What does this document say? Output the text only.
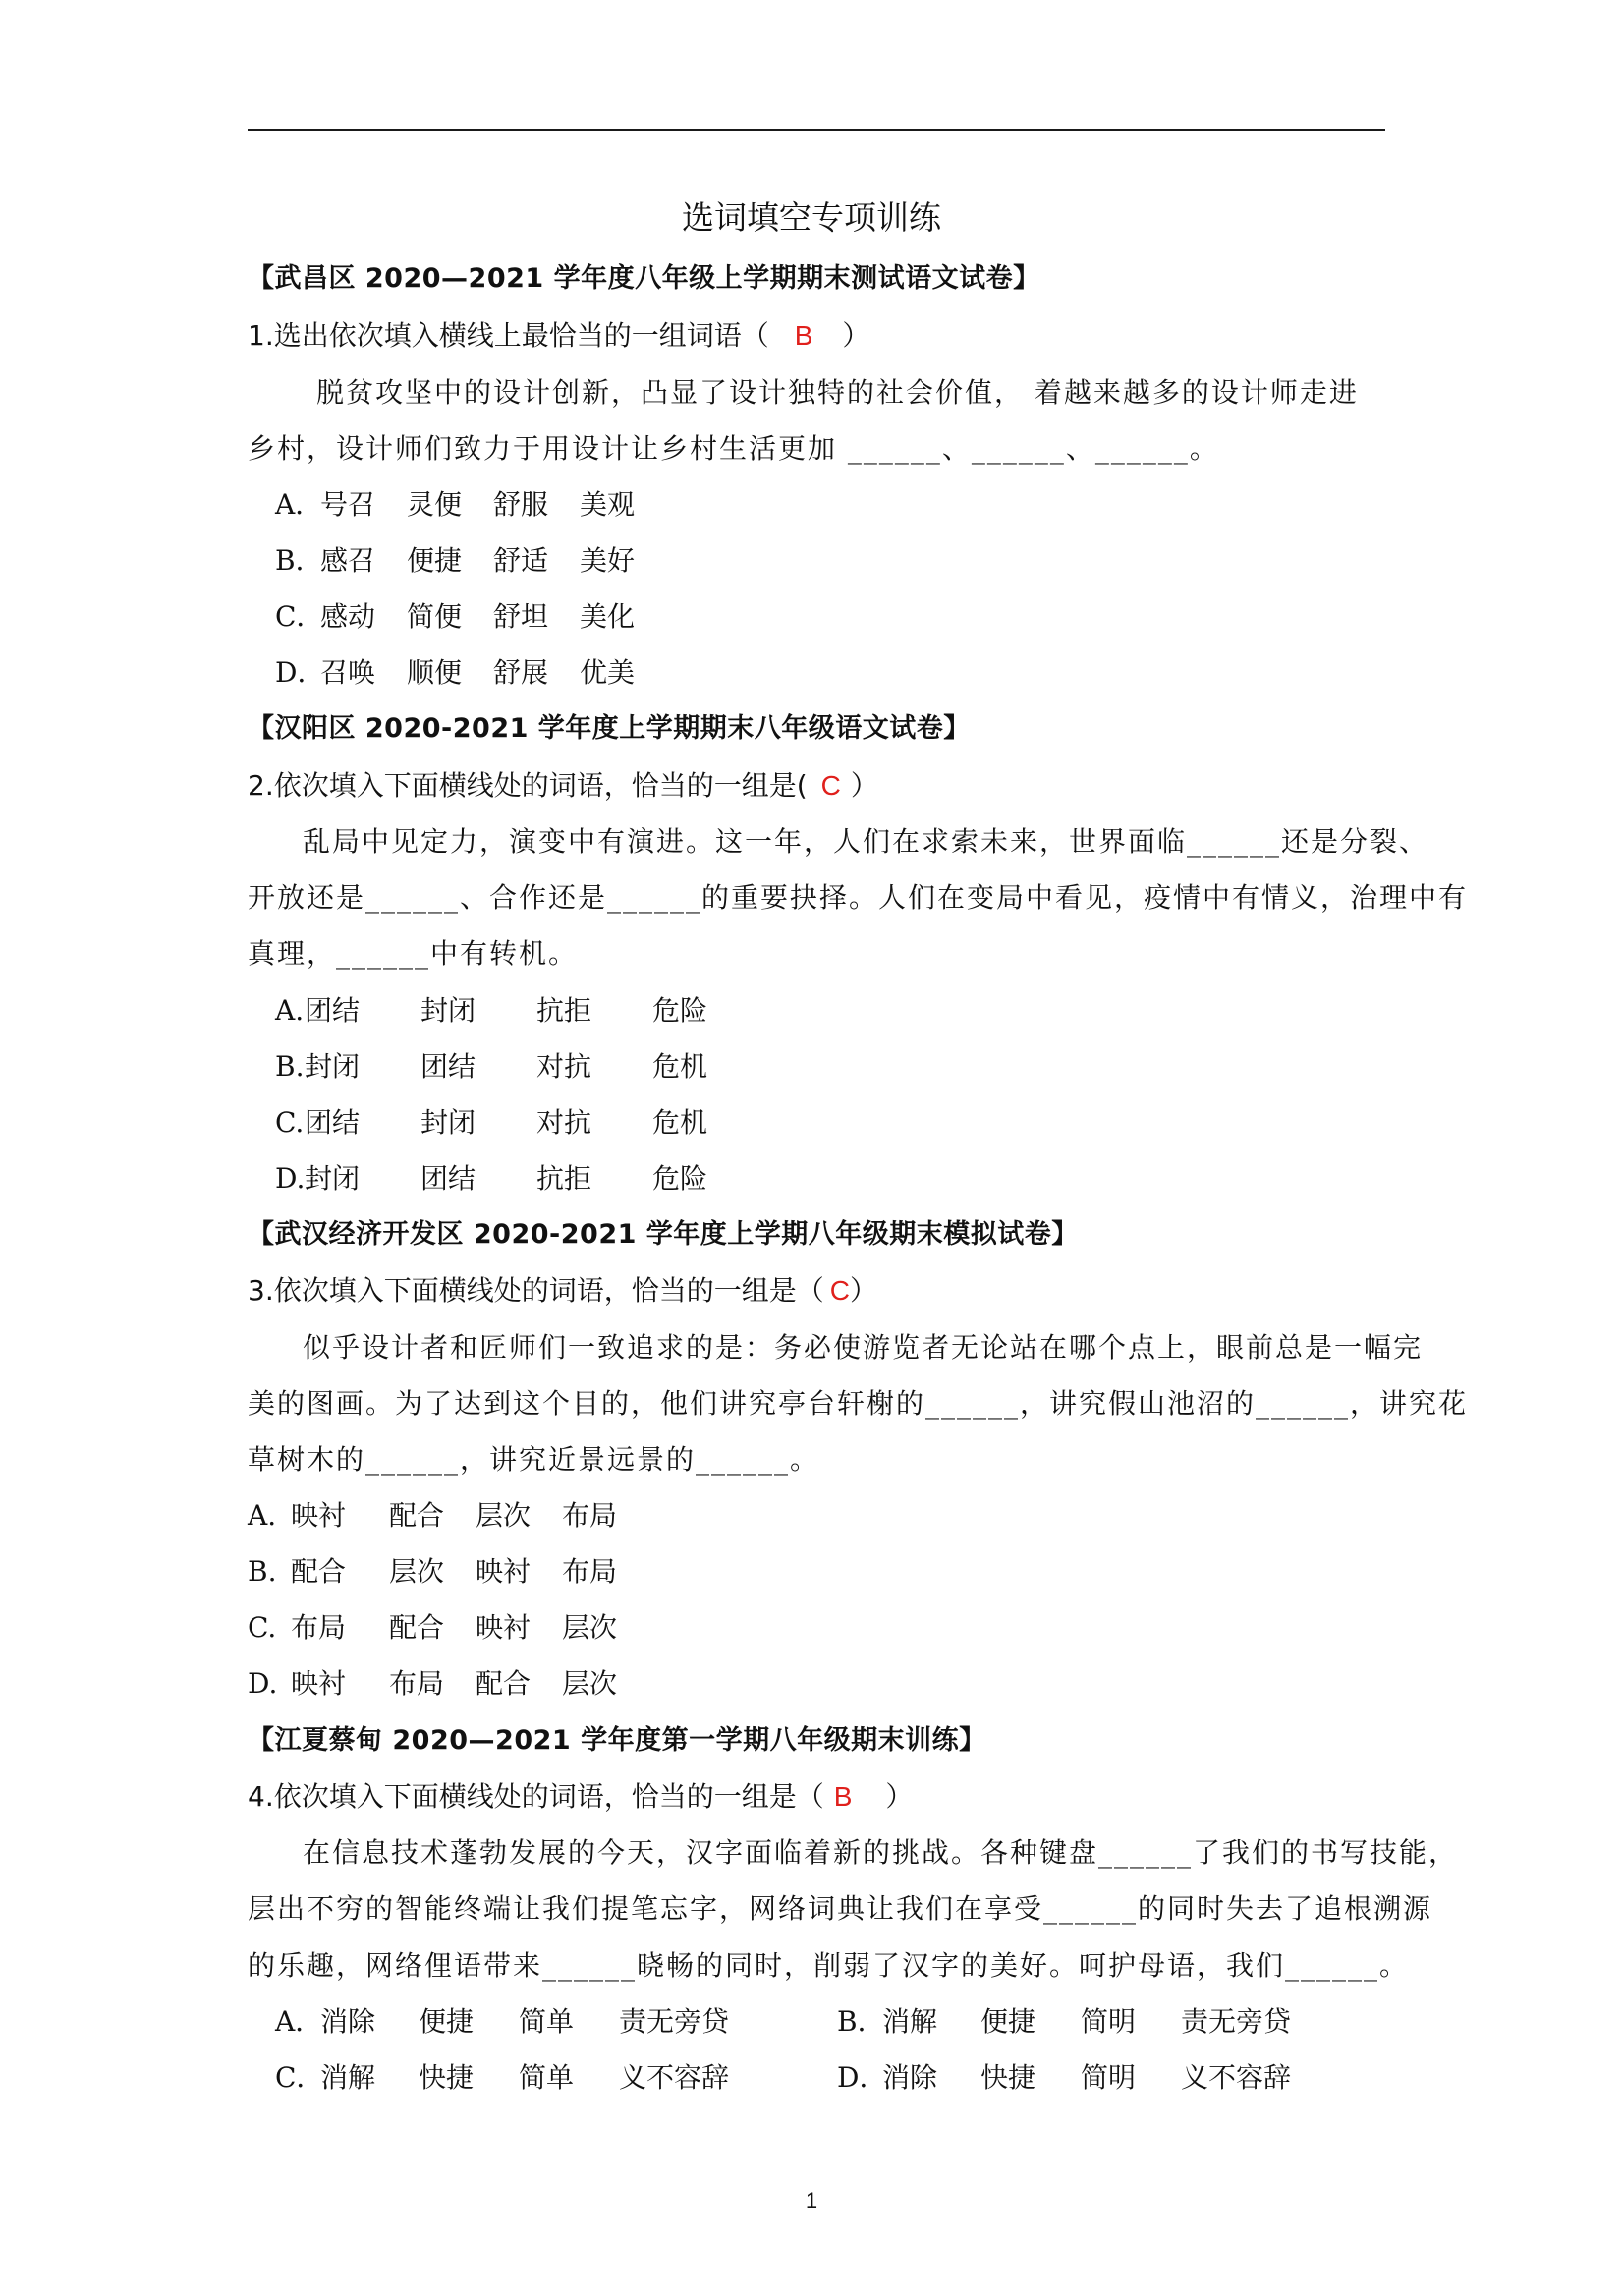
选词填空专项训练
【武昌区 2020—2021 学年度八年级上学期期末测试语文试卷】
1.选出依次填入横线上最恰当的一组词语（ B ）
脱贫攻坚中的设计创新，凸显了设计独特的社会价值， 着越来越多的设计师走进
乡村，设计师们致力于用设计让乡村生活更加 ______、______、______。
A．号召 灵便 舒服 美观
B．感召 便捷 舒适 美好
C．感动 简便 舒坦 美化
D．召唤 顺便 舒展 优美
【汉阳区 2020-2021 学年度上学期期末八年级语文试卷】
2.依次填入下面横线处的词语，恰当的一组是( C ）
乱局中见定力，演变中有演进。这一年，人们在求索未来，世界面临______还是分裂、
开放还是______、合作还是______的重要抉择。人们在变局中看见，疫情中有情义，治理中有
真理，______中有转机。
A.团结 封闭 抗拒 危险
B.封闭 团结 对抗 危机
C.团结 封闭 对抗 危机
D.封闭 团结 抗拒 危险
【武汉经济开发区 2020-2021 学年度上学期八年级期末模拟试卷】
3.依次填入下面横线处的词语，恰当的一组是（ C）
似乎设计者和匠师们一致追求的是：务必使游览者无论站在哪个点上，眼前总是一幅完
美的图画。为了达到这个目的，他们讲究亭台轩榭的______，讲究假山池沼的______，讲究花
草树木的______，讲究近景远景的______。
A. 映衬 配合 层次 布局
B. 配合 层次 映衬 布局
C. 布局 配合 映衬 层次
D. 映衬 布局 配合 层次
【江夏蔡甸 2020—2021 学年度第一学期八年级期末训练】
4.依次填入下面横线处的词语，恰当的一组是（ B ）
在信息技术蓬勃发展的今天，汉字面临着新的挑战。各种键盘______了我们的书写技能，
层出不穷的智能终端让我们提笔忘字，网络词典让我们在享受______的同时失去了追根溯源
的乐趣，网络俚语带来______晓畅的同时，削弱了汉字的美好。呵护母语，我们______。
A．消除 便捷 简单 责无旁贷	B．消解 便捷 简明 责无旁贷
C．消解 快捷 简单 义不容辞	D．消除 快捷 简明 义不容辞
1
